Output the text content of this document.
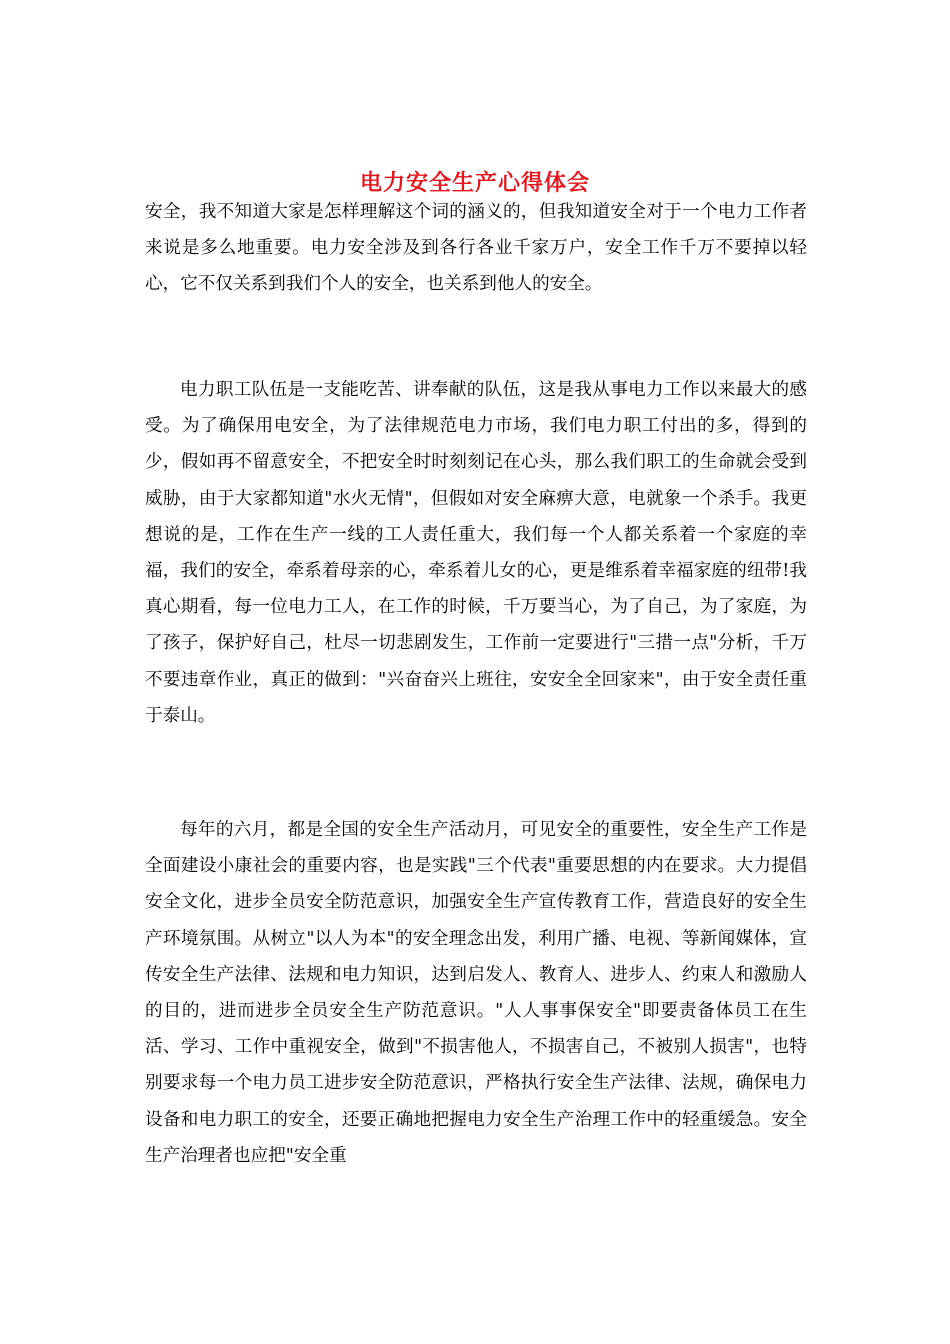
电力安全生产心得体会

安全，我不知道大家是怎样理解这个词的涵义的，但我知道安全对于一个电力工作者来说是多么地重要。电力安全涉及到各行各业千家万户，安全工作千万不要掉以轻心，它不仅关系到我们个人的安全，也关系到他人的安全。

电力职工队伍是一支能吃苦、讲奉献的队伍，这是我从事电力工作以来最大的感受。为了确保用电安全，为了法律规范电力市场，我们电力职工付出的多，得到的少，假如再不留意安全，不把安全时时刻刻记在心头，那么我们职工的生命就会受到威胁，由于大家都知道"水火无情"，但假如对安全麻痹大意，电就象一个杀手。我更想说的是，工作在生产一线的工人责任重大，我们每一个人都关系着一个家庭的幸福，我们的安全，牵系着母亲的心，牵系着儿女的心，更是维系着幸福家庭的纽带!我真心期看，每一位电力工人，在工作的时候，千万要当心，为了自己，为了家庭，为了孩子，保护好自己，杜尽一切悲剧发生，工作前一定要进行"三措一点"分析，千万不要违章作业，真正的做到："兴奋奋兴上班往，安安全全回家来"，由于安全责任重于泰山。

每年的六月，都是全国的安全生产活动月，可见安全的重要性，安全生产工作是全面建设小康社会的重要内容，也是实践"三个代表"重要思想的内在要求。大力提倡安全文化，进步全员安全防范意识，加强安全生产宣传教育工作，营造良好的安全生产环境氛围。从树立"以人为本"的安全理念出发，利用广播、电视、等新闻媒体，宣传安全生产法律、法规和电力知识，达到启发人、教育人、进步人、约束人和激励人的目的，进而进步全员安全生产防范意识。"人人事事保安全"即要责备体员工在生活、学习、工作中重视安全，做到"不损害他人，不损害自己，不被别人损害"，也特别要求每一个电力员工进步安全防范意识，严格执行安全生产法律、法规，确保电力设备和电力职工的安全，还要正确地把握电力安全生产治理工作中的轻重缓急。安全生产治理者也应把"安全重
